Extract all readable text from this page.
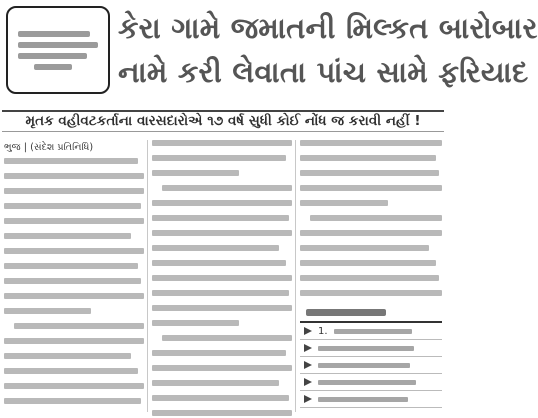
કેરા ગામે જમાતની મિલ્કત બારોબાર
નામે કરી લેવાતા પાંચ સામે ફરિયાદ
મૃતક વહીવટકર્તાના વારસદારોએ ૧૭ વર્ષ સુધી કોઈ નોંધ જ કરાવી નહીં !
ભુજ | (સંદેશ પ્રતિનિધિ)
1.
